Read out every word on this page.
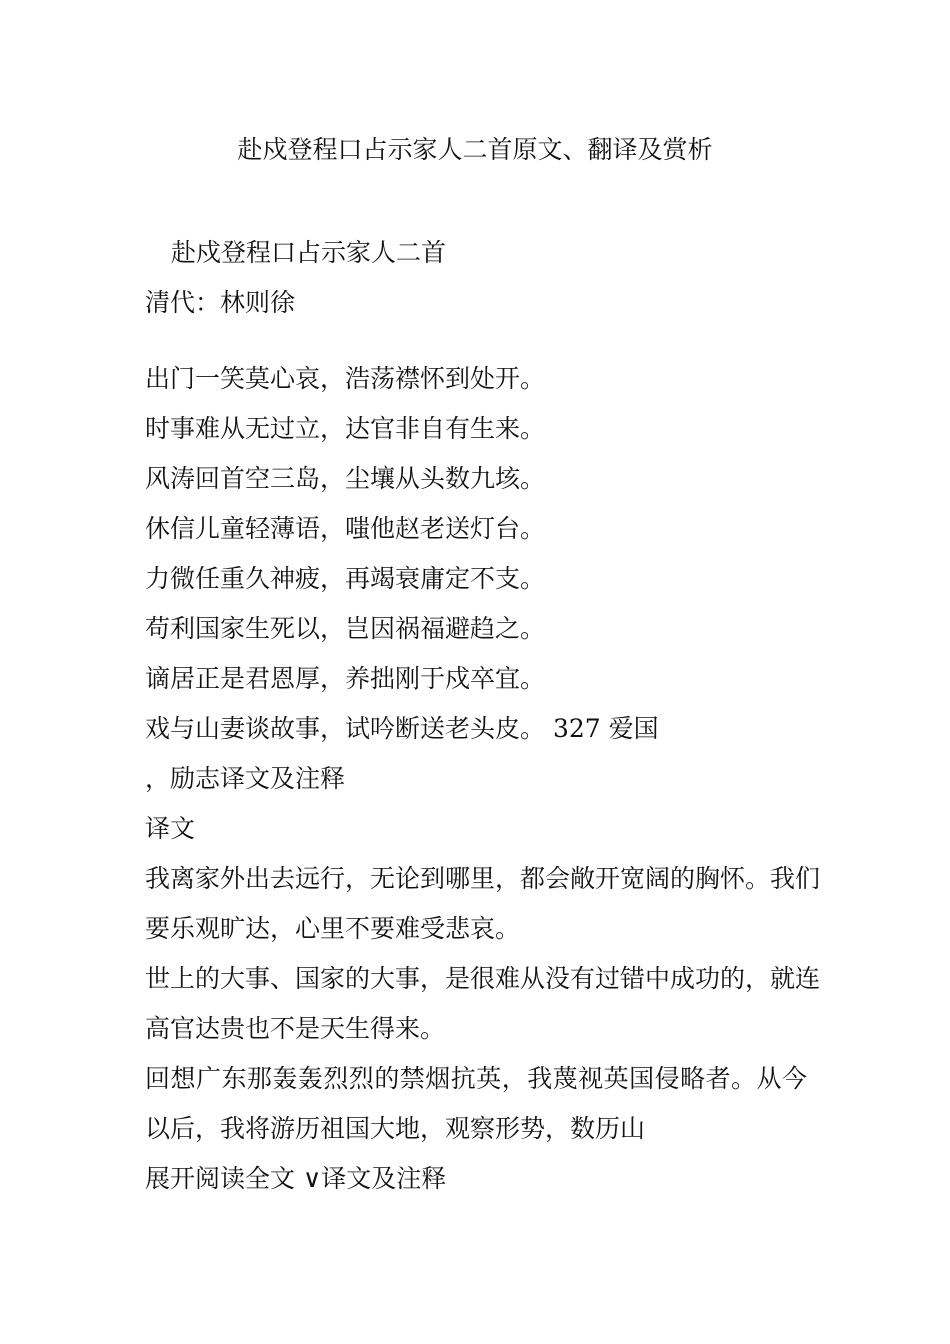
赴戍登程口占示家人二首原文、翻译及赏析
赴戍登程口占示家人二首
清代：林则徐
出门一笑莫心哀，浩荡襟怀到处开。
时事难从无过立，达官非自有生来。
风涛回首空三岛，尘壤从头数九垓。
休信儿童轻薄语，嗤他赵老送灯台。
力微任重久神疲，再竭衰庸定不支。
苟利国家生死以，岂因祸福避趋之。
谪居正是君恩厚，养拙刚于戍卒宜。
戏与山妻谈故事，试吟断送老头皮。 327 爱国
，励志译文及注释
译文
我离家外出去远行，无论到哪里，都会敞开宽阔的胸怀。我们
要乐观旷达，心里不要难受悲哀。
世上的大事、国家的大事，是很难从没有过错中成功的，就连
高官达贵也不是天生得来。
回想广东那轰轰烈烈的禁烟抗英，我蔑视英国侵略者。从今
以后，我将游历祖国大地，观察形势，数历山
展开阅读全文 ∨译文及注释
